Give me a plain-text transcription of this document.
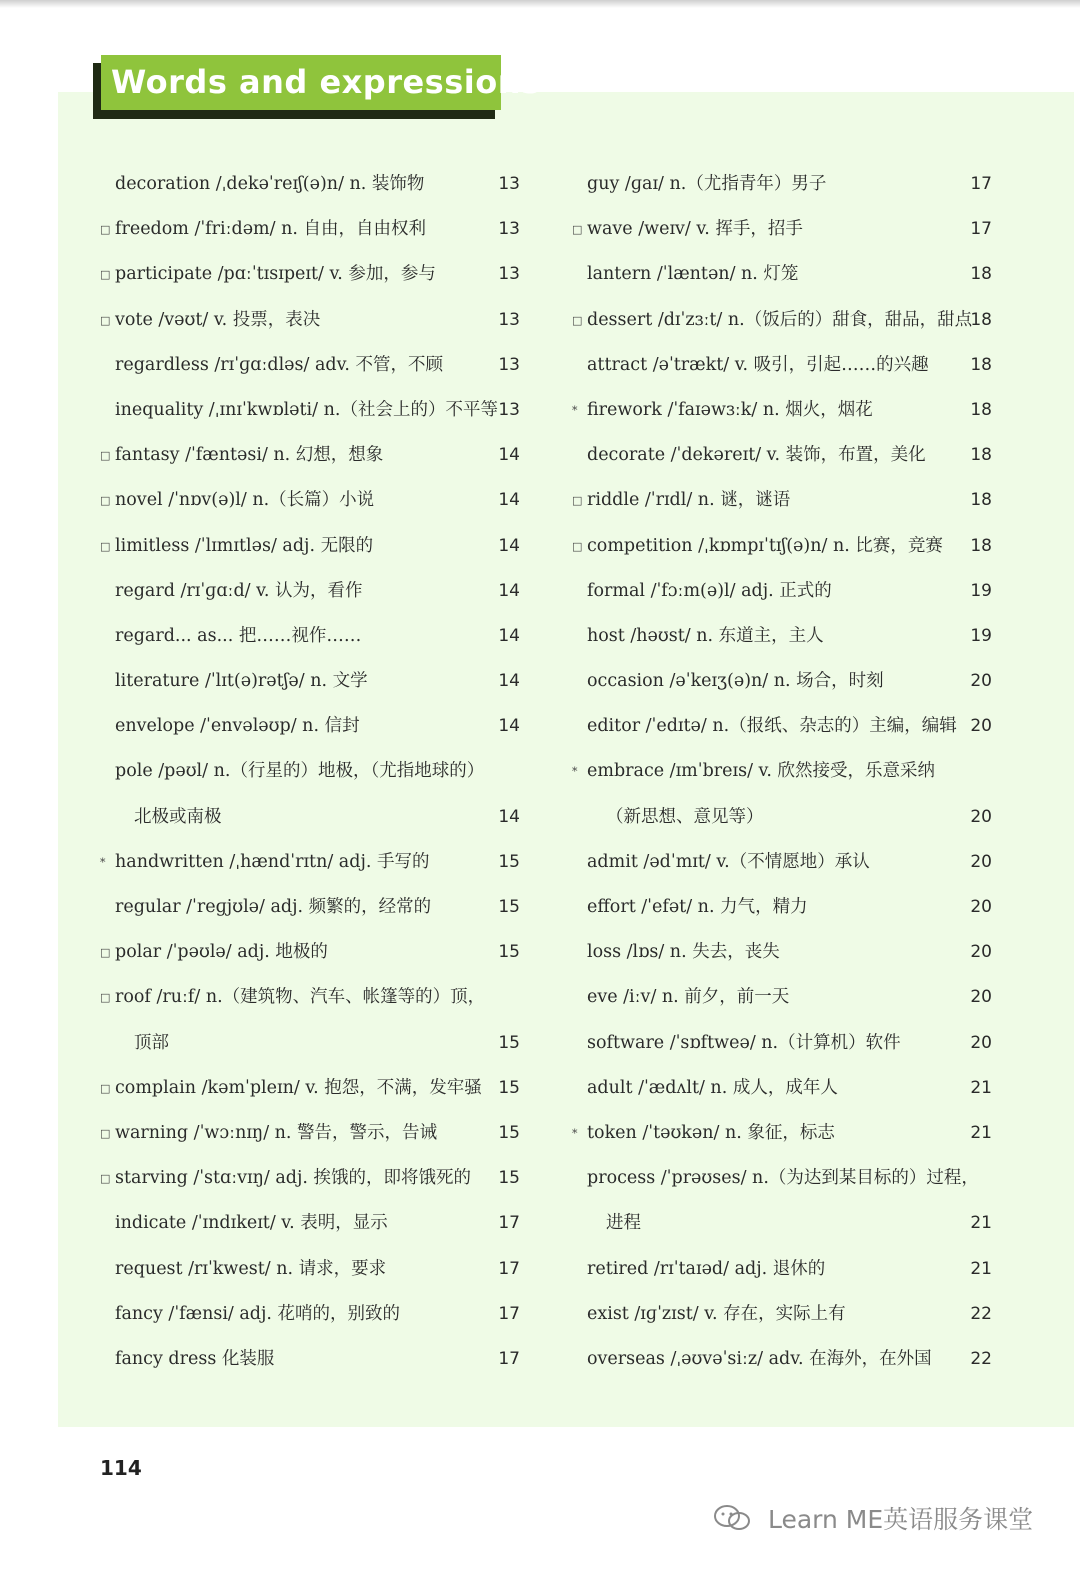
Words and expressions
decoration /ˌdekəˈreɪʃ(ə)n/ n. 装饰物	13
□ freedom /ˈfriːdəm/ n. 自由，自由权利	13
□ participate /pɑːˈtɪsɪpeɪt/ v. 参加，参与	13
□ vote /vəʊt/ v. 投票，表决	13
regardless /rɪˈɡɑːdləs/ adv. 不管，不顾	13
inequality /ˌɪnɪˈkwɒləti/ n.（社会上的）不平等 13
□ fantasy /ˈfæntəsi/ n. 幻想，想象	14
□ novel /ˈnɒv(ə)l/ n.（长篇）小说	14
□ limitless /ˈlɪmɪtləs/ adj. 无限的	14
regard /rɪˈɡɑːd/ v. 认为，看作	14
regard... as... 把……视作……	14
literature /ˈlɪt(ə)rətʃə/ n. 文学	14
envelope /ˈenvələʊp/ n. 信封	14
pole /pəʊl/ n.（行星的）地极，（尤指地球的）
北极或南极	14
* handwritten /ˌhændˈrɪtn/ adj. 手写的	15
regular /ˈreɡjʊlə/ adj. 频繁的，经常的	15
□ polar /ˈpəʊlə/ adj. 地极的	15
□ roof /ruːf/ n.（建筑物、汽车、帐篷等的）顶，
顶部	15
□ complain /kəmˈpleɪn/ v. 抱怨，不满，发牢骚 15
□ warning /ˈwɔːnɪŋ/ n. 警告，警示，告诫	15
□ starving /ˈstɑːvɪŋ/ adj. 挨饿的，即将饿死的 15
indicate /ˈɪndɪkeɪt/ v. 表明，显示	17
request /rɪˈkwest/ n. 请求，要求	17
fancy /ˈfænsi/ adj. 花哨的，别致的	17
fancy dress 化装服	17
guy /ɡaɪ/ n.（尤指青年）男子	17
□ wave /weɪv/ v. 挥手，招手	17
lantern /ˈlæntən/ n. 灯笼	18
□ dessert /dɪˈzɜːt/ n.（饭后的）甜食，甜品，甜点
18
attract /əˈtrækt/ v. 吸引，引起……的兴趣 18
* firework /ˈfaɪəwɜːk/ n. 烟火，烟花	18
decorate /ˈdekəreɪt/ v. 装饰，布置，美化	18
□ riddle /ˈrɪdl/ n. 谜，谜语	18
□ competition /ˌkɒmpɪˈtɪʃ(ə)n/ n. 比赛，竞赛 18
formal /ˈfɔːm(ə)l/ adj. 正式的	19
host /həʊst/ n. 东道主，主人	19
occasion /əˈkeɪʒ(ə)n/ n. 场合，时刻	20
editor /ˈedɪtə/ n.（报纸、杂志的）主编，编辑 20
* embrace /ɪmˈbreɪs/ v. 欣然接受，乐意采纳
（新思想、意见等）	20
admit /ədˈmɪt/ v.（不情愿地）承认	20
effort /ˈefət/ n. 力气，精力	20
loss /lɒs/ n. 失去，丧失	20
eve /iːv/ n. 前夕，前一天	20
software /ˈsɒftweə/ n.（计算机）软件	20
adult /ˈædʌlt/ n. 成人，成年人	21
* token /ˈtəʊkən/ n. 象征，标志	21
process /ˈprəʊses/ n.（为达到某目标的）过程，
进程	21
retired /rɪˈtaɪəd/ adj. 退休的	21
exist /ɪɡˈzɪst/ v. 存在，实际上有	22
overseas /ˌəʊvəˈsiːz/ adv. 在海外，在外国 22
114
Learn ME英语服务课堂
